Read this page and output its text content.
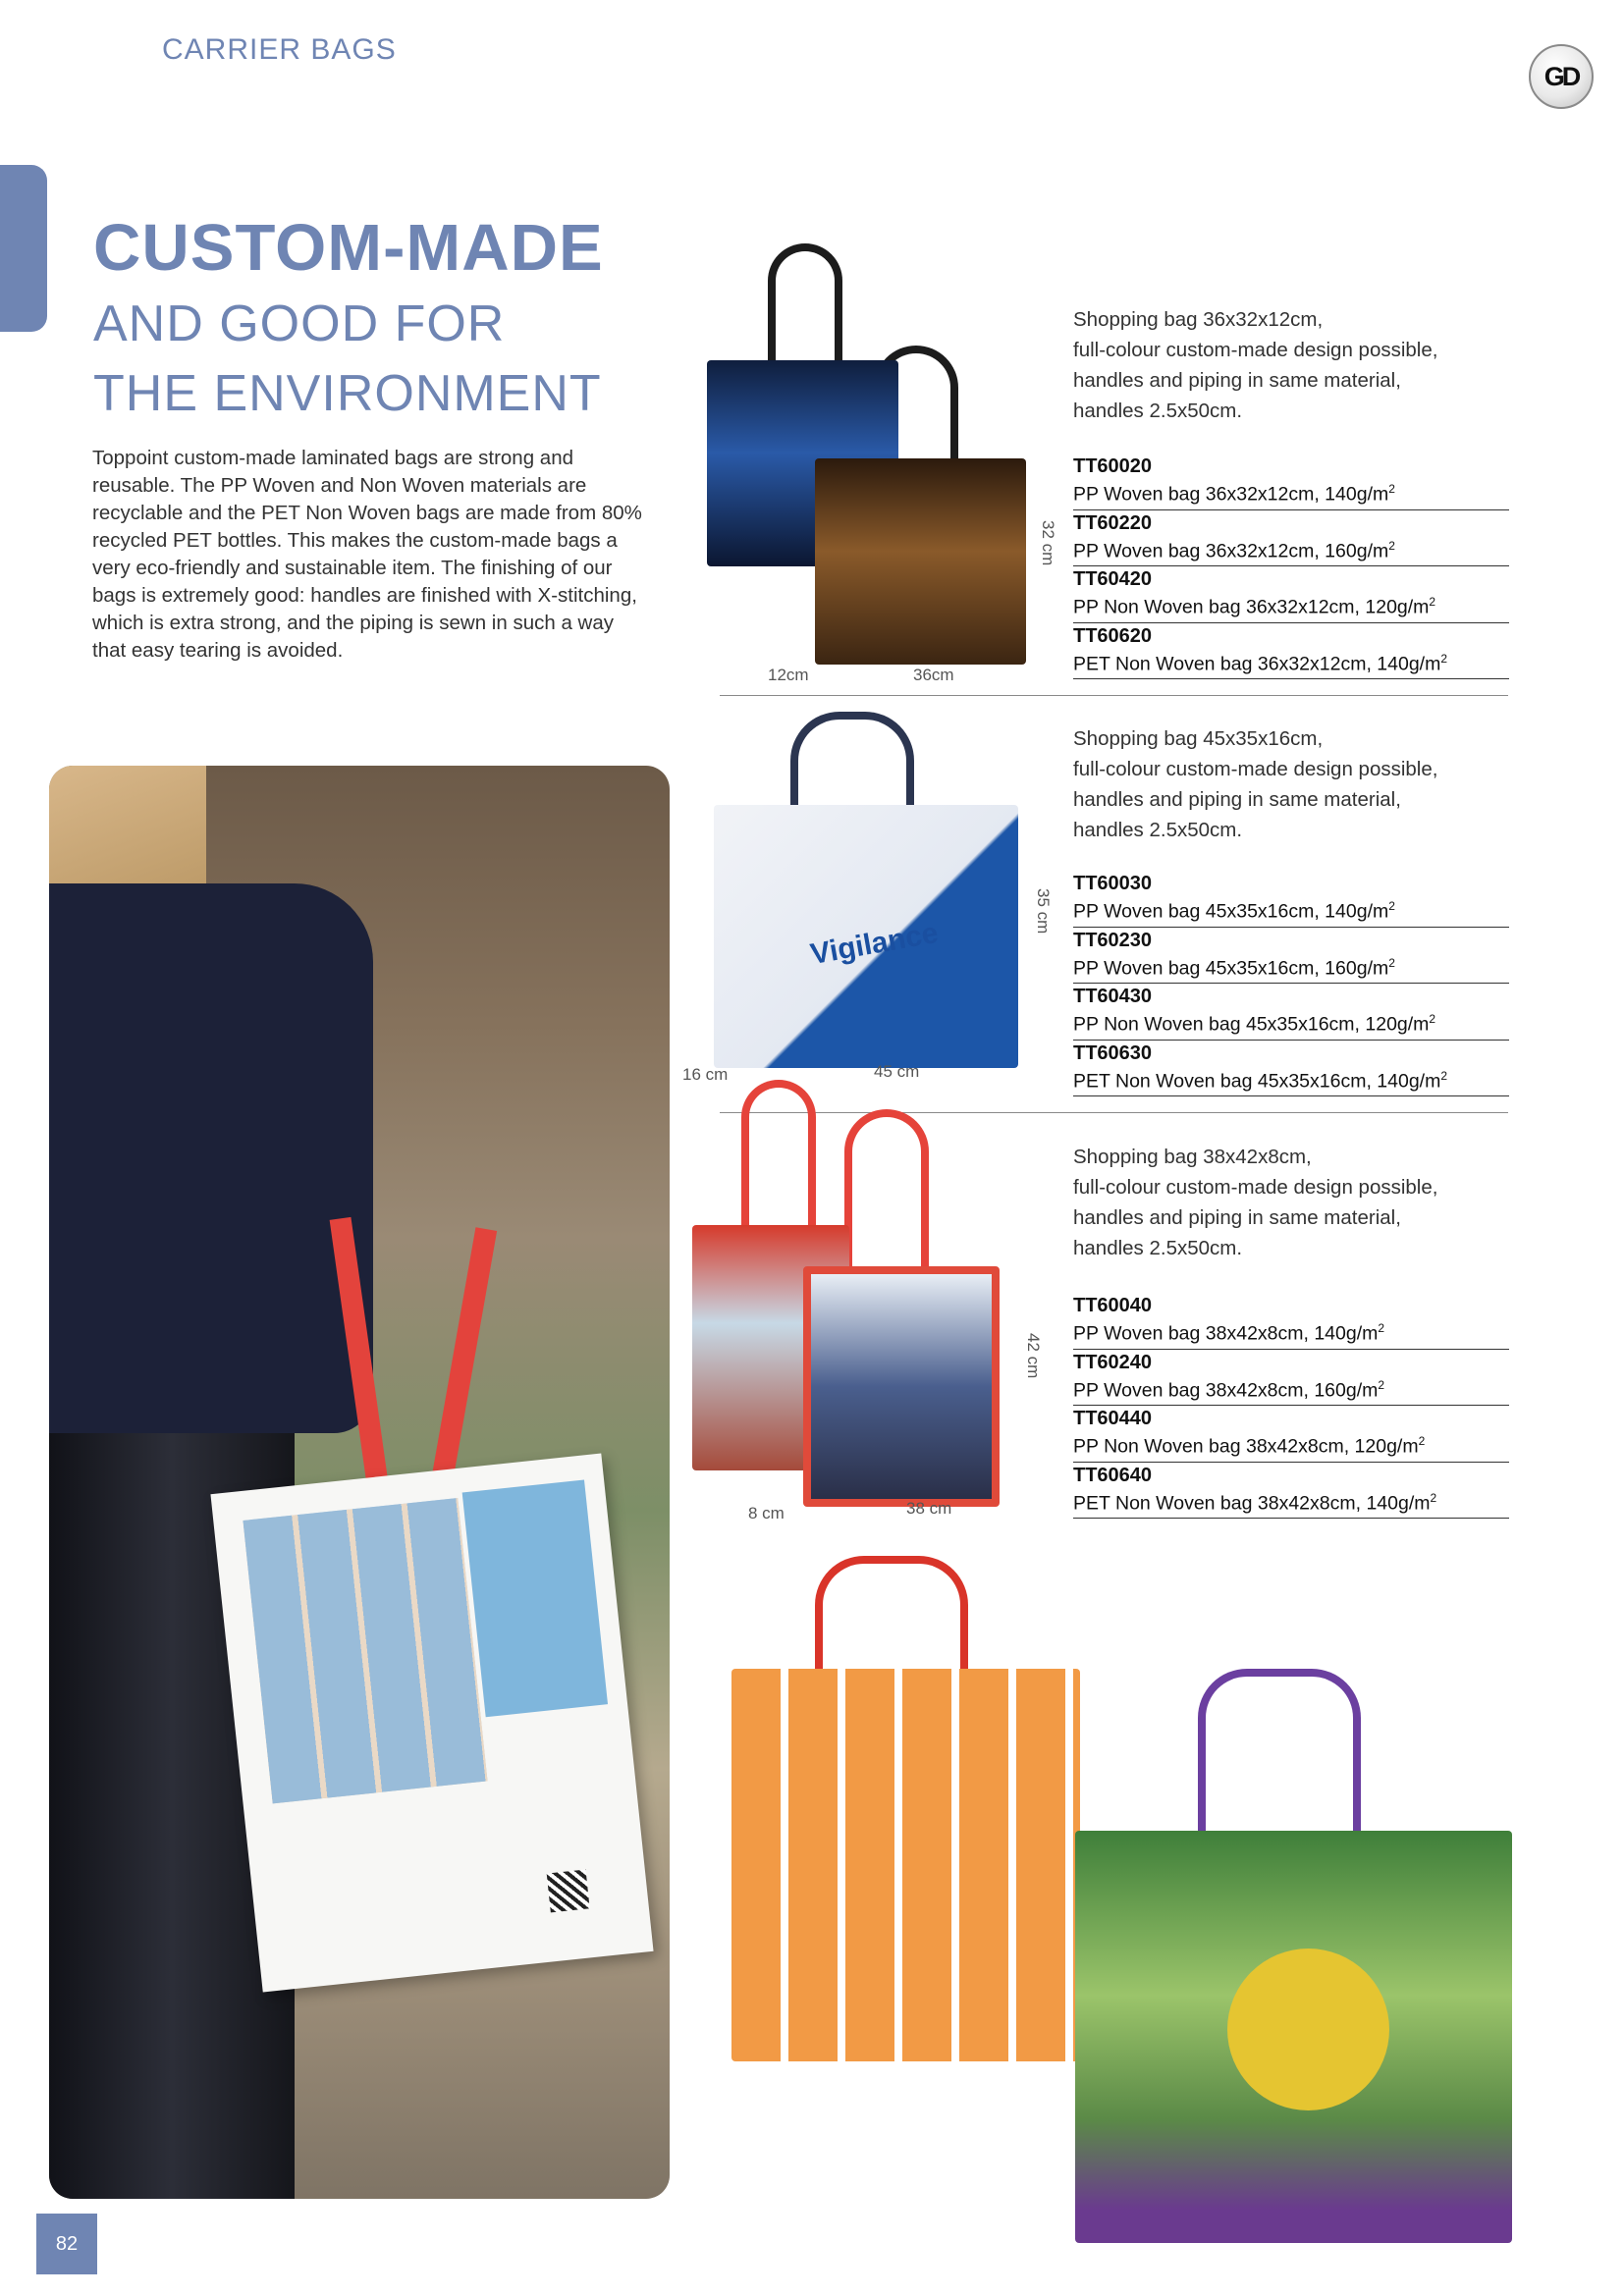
CARRIER BAGS
GD
CUSTOM-MADE
AND GOOD FOR
THE ENVIRONMENT
Toppoint custom-made laminated bags are strong and reusable. The PP Woven and Non Woven materials are recyclable and the PET Non Woven bags are made from 80% recycled PET bottles. This makes the custom-made bags a very eco-friendly and sustainable item. The finishing of our bags is extremely good: handles are finished with X-stitching, which is extra strong, and the piping is sewn in such a way that easy tearing is avoided.
12cm	36cm
32 cm
Shopping bag 36x32x12cm,
full-colour custom-made design possible,
handles and piping in same material,
handles 2.5x50cm.
TT60020
PP Woven bag 36x32x12cm, $140g/m^2$
TT60220
PP Woven bag 36x32x12cm, $160g/m^2$
TT60420
PP Non Woven bag 36x32x12cm, $120g/m^2$
TT60620
PET Non Woven bag 36x32x12cm, $140g/m^2$
Vigilance
16 cm	45 cm
35 cm
Shopping bag 45x35x16cm,
full-colour custom-made design possible,
handles and piping in same material,
handles 2.5x50cm.
TT60030
PP Woven bag 45x35x16cm, $140g/m^2$
TT60230
PP Woven bag 45x35x16cm, $160g/m^2$
TT60430
PP Non Woven bag 45x35x16cm, $120g/m^2$
TT60630
PET Non Woven bag 45x35x16cm, $140g/m^2$
8 cm	38 cm
42 cm
Shopping bag 38x42x8cm,
full-colour custom-made design possible,
handles and piping in same material,
handles 2.5x50cm.
TT60040
PP Woven bag 38x42x8cm, $140g/m^2$
TT60240
PP Woven bag 38x42x8cm, $160g/m^2$
TT60440
PP Non Woven bag 38x42x8cm, $120g/m^2$
TT60640
PET Non Woven bag 38x42x8cm, $140g/m^2$
82
